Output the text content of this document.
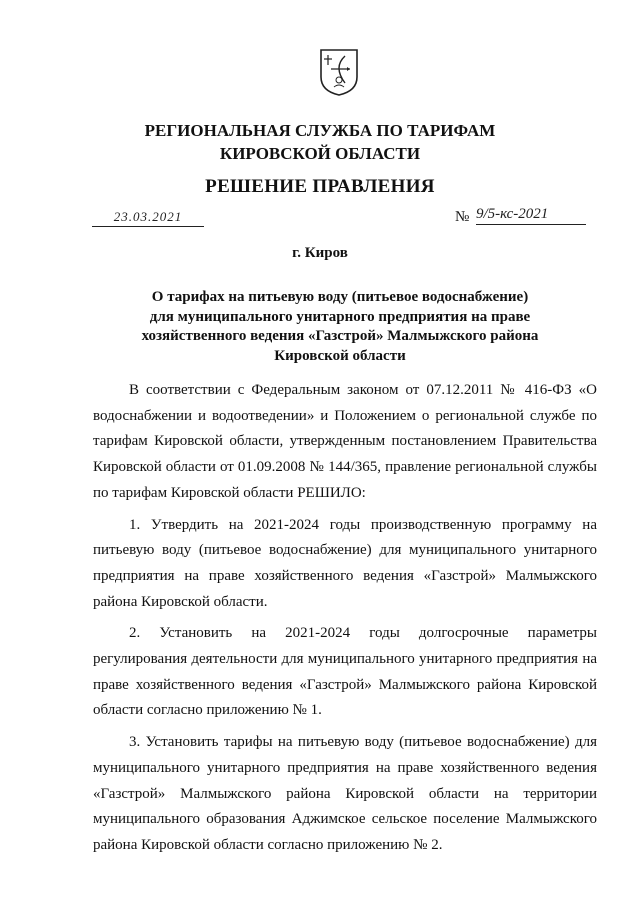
РЕГИОНАЛЬНАЯ СЛУЖБА ПО ТАРИФАМ
КИРОВСКОЙ ОБЛАСТИ
РЕШЕНИЕ ПРАВЛЕНИЯ
23.03.2021	№ 9/5-кс-2021
г. Киров
О тарифах на питьевую воду (питьевое водоснабжение)
для муниципального унитарного предприятия на праве
хозяйственного ведения «Газстрой» Малмыжского района
Кировской области

В соответствии с Федеральным законом от 07.12.2011 № 416-ФЗ «О водоснабжении и водоотведении» и Положением о региональной службе по тарифам Кировской области, утвержденным постановлением Правительства Кировской области от 01.09.2008 № 144/365, правление региональной службы по тарифам Кировской области РЕШИЛО:

1. Утвердить на 2021-2024 годы производственную программу на питьевую воду (питьевое водоснабжение) для муниципального унитарного предприятия на праве хозяйственного ведения «Газстрой» Малмыжского района Кировской области.

2. Установить на 2021-2024 годы долгосрочные параметры регулирования деятельности для муниципального унитарного предприятия на праве хозяйственного ведения «Газстрой» Малмыжского района Кировской области согласно приложению № 1.

3. Установить тарифы на питьевую воду (питьевое водоснабжение) для муниципального унитарного предприятия на праве хозяйственного ведения «Газстрой» Малмыжского района Кировской области на территории муниципального образования Аджимское сельское поселение Малмыжского района Кировской области согласно приложению № 2.
